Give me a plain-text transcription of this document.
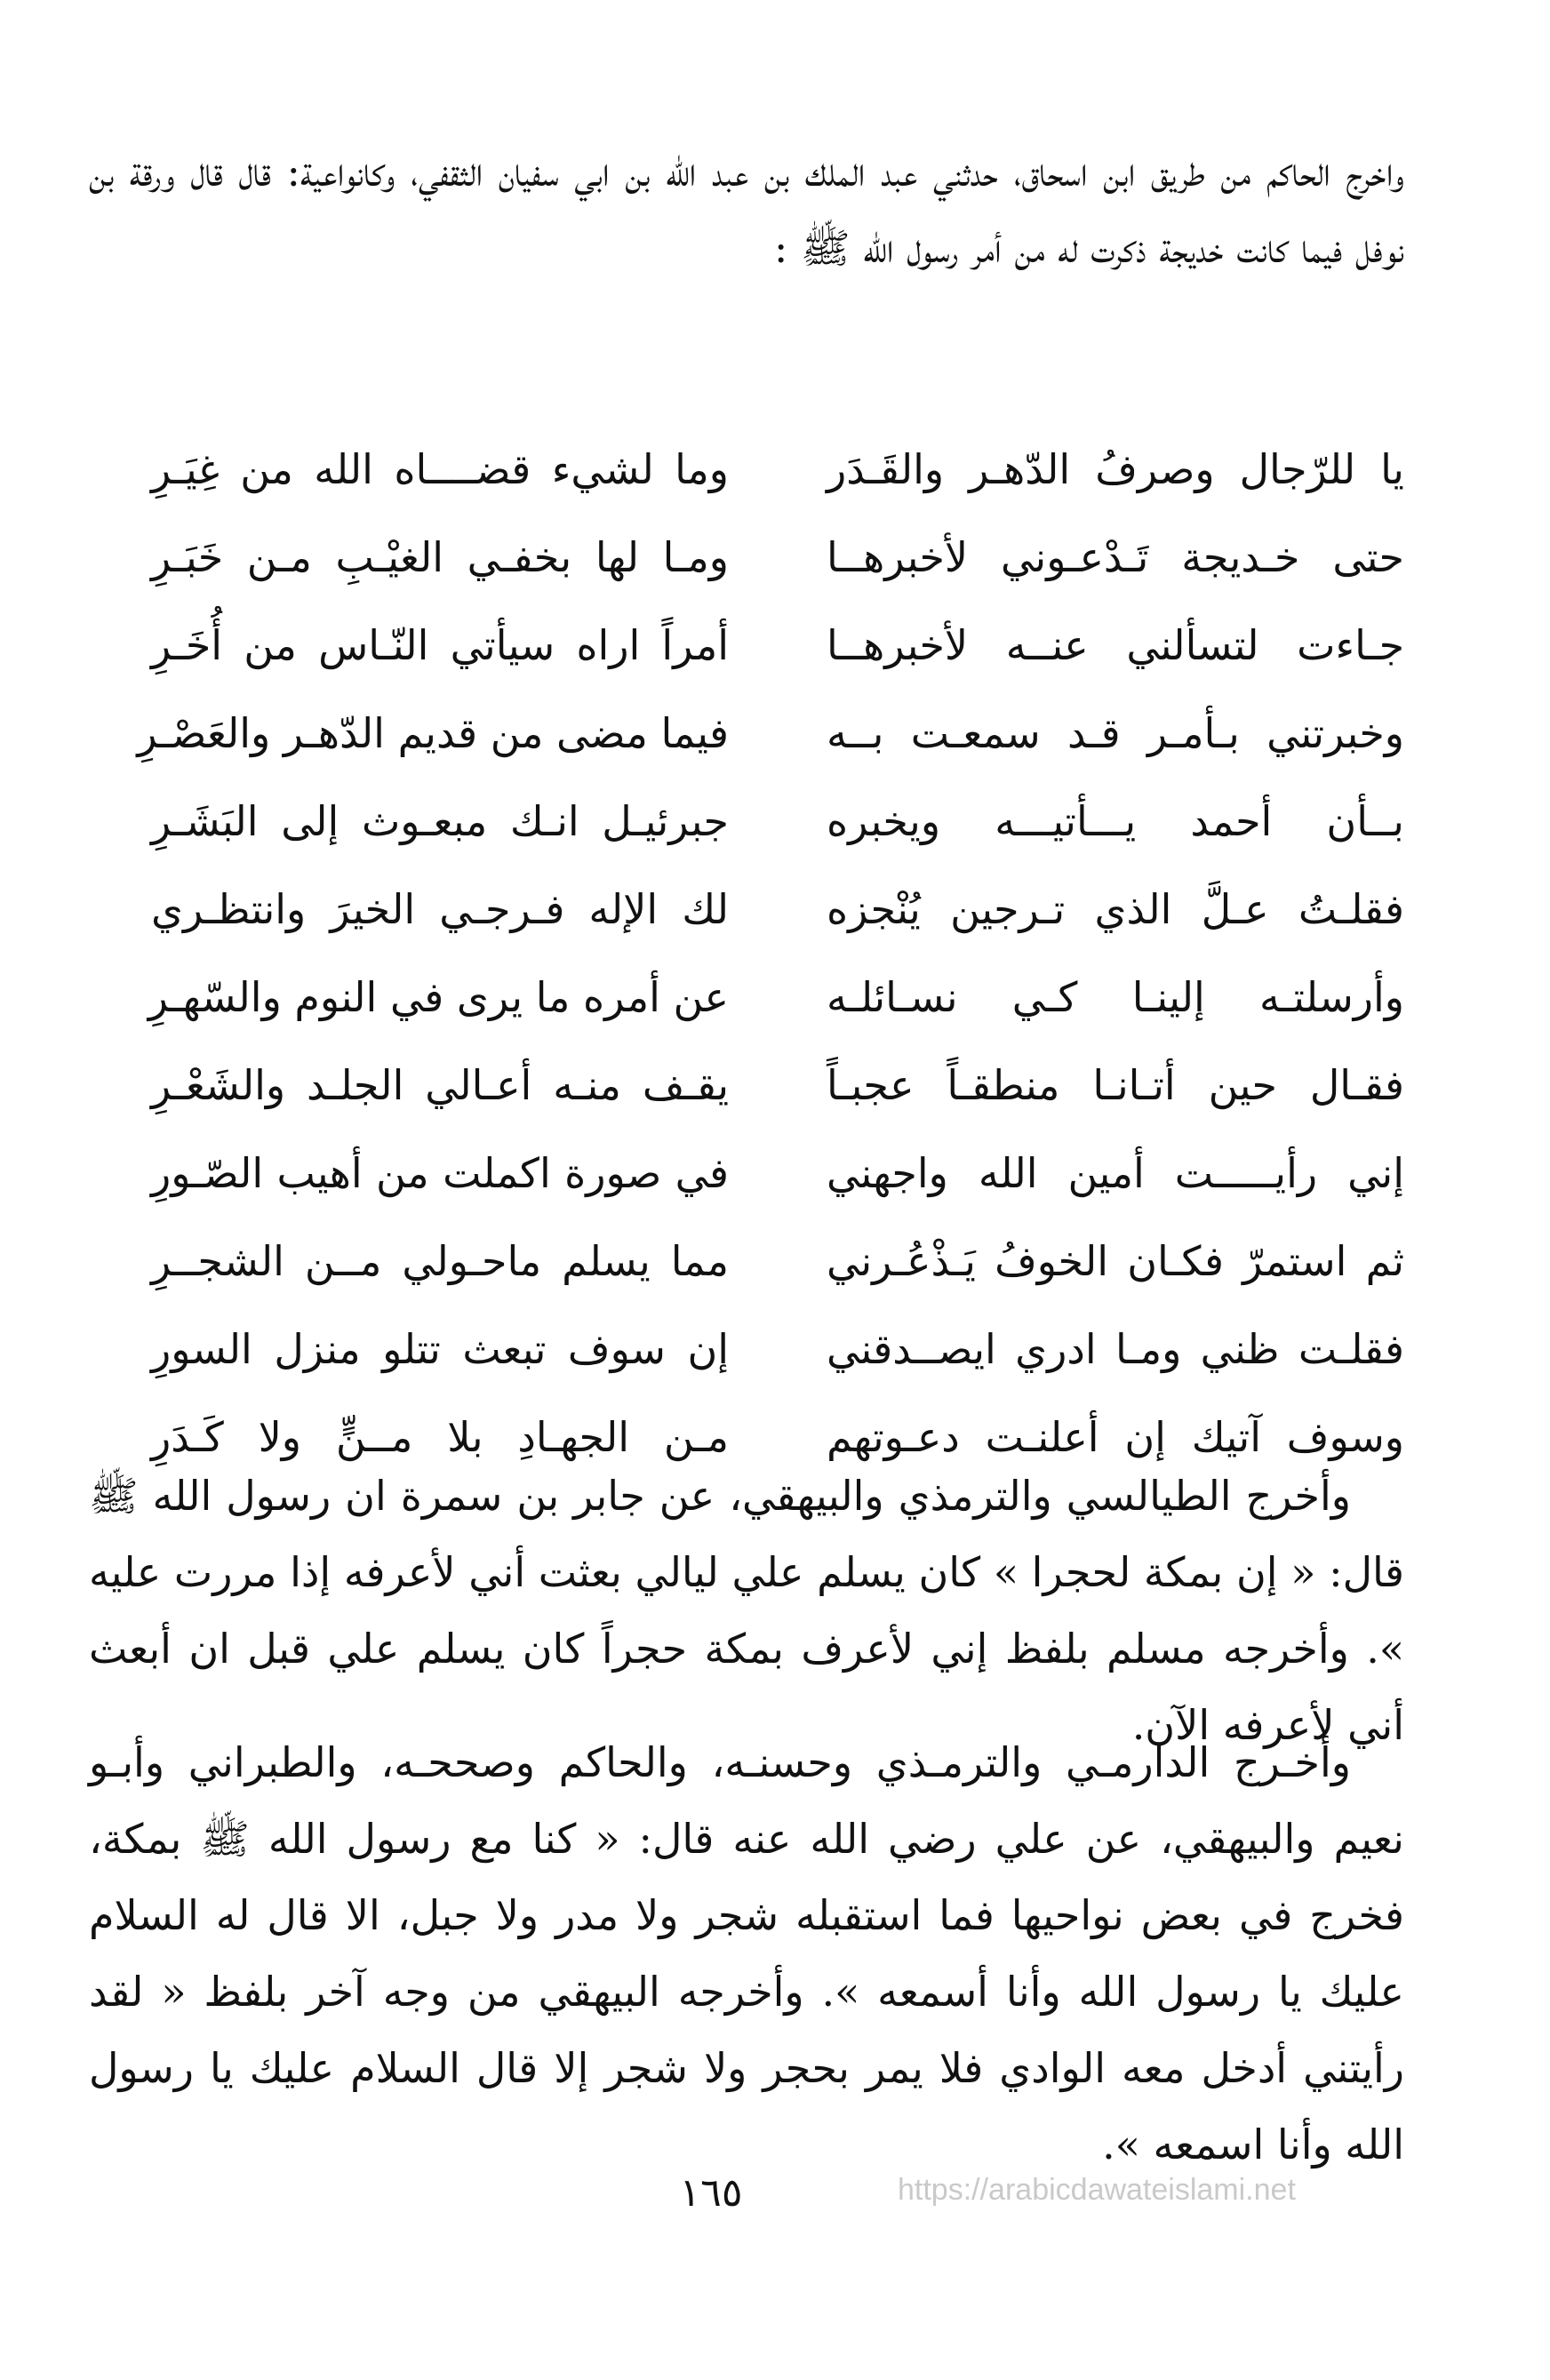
واخرج الحاكم من طريق ابن اسحاق، حدثني عبد الملك بن عبد الله بن ابي سفيان الثقفي، وكانواعية: قال قال ورقة بن نوفل فيما كانت خديجة ذكرت له من أمر رسول الله ﷺ :

يا للرّجال وصرفُ الدّهـر والقَـدَر
وما لشيء قضــــاه الله من غِيَـرِ
حتى خـديجة تَـدْعـوني لأخبرهــا
ومـا لها بخفـي الغيْـبِ مـن خَبَـرِ
جـاءت لتسألني عنــه لأخبرهــا
أمراً اراه سيأتي النّـاس من أُخَـرِ
وخبرتني بـأمـر قـد سمعـت بــه
فيما مضى من قديم الدّهـر والعَصْـرِ
بــأن أحمد يـــأتيـــه ويخبره
جبرئيـل انـك مبعـوث إلى البَشَـرِ
فقلـتُ عـلَّ الذي تـرجين يُنْجزه
لك الإله فـرجـي الخيرَ وانتظـري
وأرسلتـه إلينـا كـي نسـائلـه
عن أمره ما يرى في النوم والسّهـرِ
فقـال حين أتـانـا منطقـاً عجبـاً
يقـف منـه أعـالي الجلـد والشَعْـرِ
إني رأيـــــت أمين الله واجهني
في صورة اكملت من أهيب الصّـورِ
ثم استمرّ فكـان الخوفُ يَـذْعُـرني
مما يسلم ماحـولي مــن الشجــرِ
فقلـت ظني ومـا ادري ايصــدقني
إن سوف تبعث تتلو منزل السورِ
وسوف آتيك إن أعلنـت دعـوتهم
مـن الجهـادِ بلا مــنٍّ ولا كَـدَرِ

وأخرج الطيالسي والترمذي والبيهقي، عن جابر بن سمرة ان رسول الله ﷺ قال: « إن بمكة لحجرا » كان يسلم علي ليالي بعثت أني لأعرفه إذا مررت عليه ». وأخرجه مسلم بلفظ إني لأعرف بمكة حجراً كان يسلم علي قبل ان أبعث أني لأعرفه الآن.

وأخـرج الدارمـي والترمـذي وحسنـه، والحاكم وصححـه، والطبراني وأبـو نعيم والبيهقي، عن علي رضي الله عنه قال: « كنا مع رسول الله ﷺ بمكة، فخرج في بعض نواحيها فما استقبله شجر ولا مدر ولا جبل، الا قال له السلام عليك يا رسول الله وأنا أسمعه ». وأخرجه البيهقي من وجه آخر بلفظ « لقد رأيتني أدخل معه الوادي فلا يمر بحجر ولا شجر إلا قال السلام عليك يا رسول الله وأنا اسمعه ».

١٦٥	https://arabicdawateislami.net
